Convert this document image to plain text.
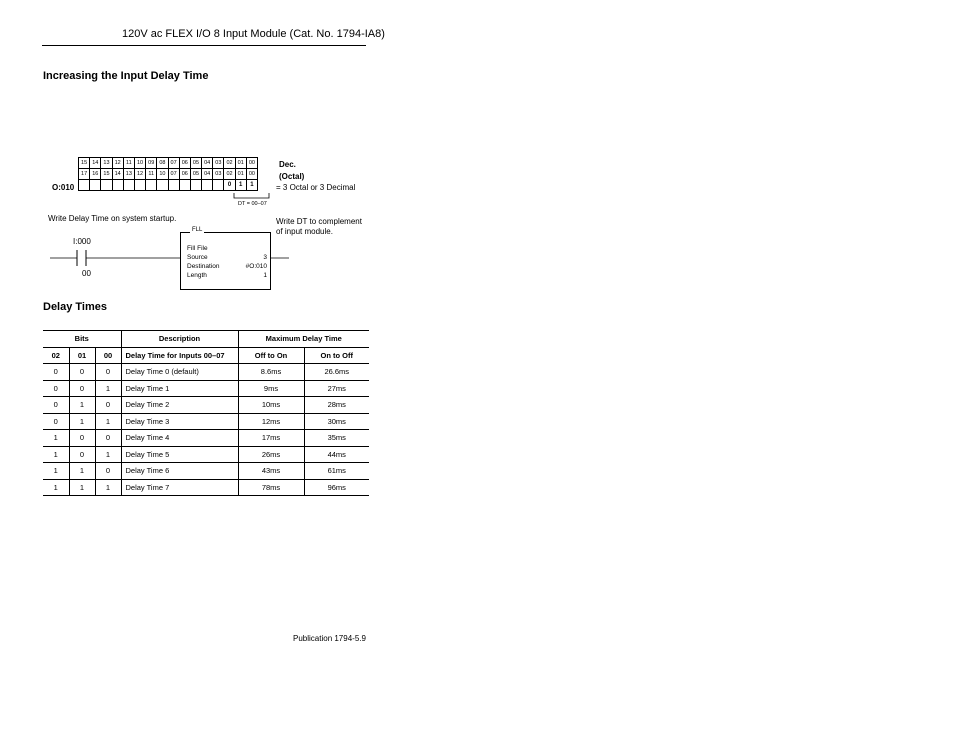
120V ac FLEX I/O 8 Input Module (Cat. No. 1794-IA8)
Increasing the Input Delay Time
15	14	13	12	11	10	09	08	07	06	05	04	03	02	01	00
17	16	15	14	13	12	11	10	07	06	05	04	03	02	01	00
													0	1	1
O:010
Dec.
(Octal)
= 3 Octal or 3 Decimal
DT = 00–07
Write Delay Time on system startup.	Write DT to complement
of input module.
I:000
00
Fill File
Source	3
Destination	#O:010
Length	1
FLL
Delay Times
Bits			Description	Maximum Delay Time	
02	01	00	Delay Time for Inputs 00–07	Off to On	On to Off
0	0	0	Delay Time 0 (default)	8.6ms	26.6ms
0	0	1	Delay Time 1	9ms	27ms
0	1	0	Delay Time 2	10ms	28ms
0	1	1	Delay Time 3	12ms	30ms
1	0	0	Delay Time 4	17ms	35ms
1	0	1	Delay Time 5	26ms	44ms
1	1	0	Delay Time 6	43ms	61ms
1	1	1	Delay Time 7	78ms	96ms
Publication 1794-5.9
